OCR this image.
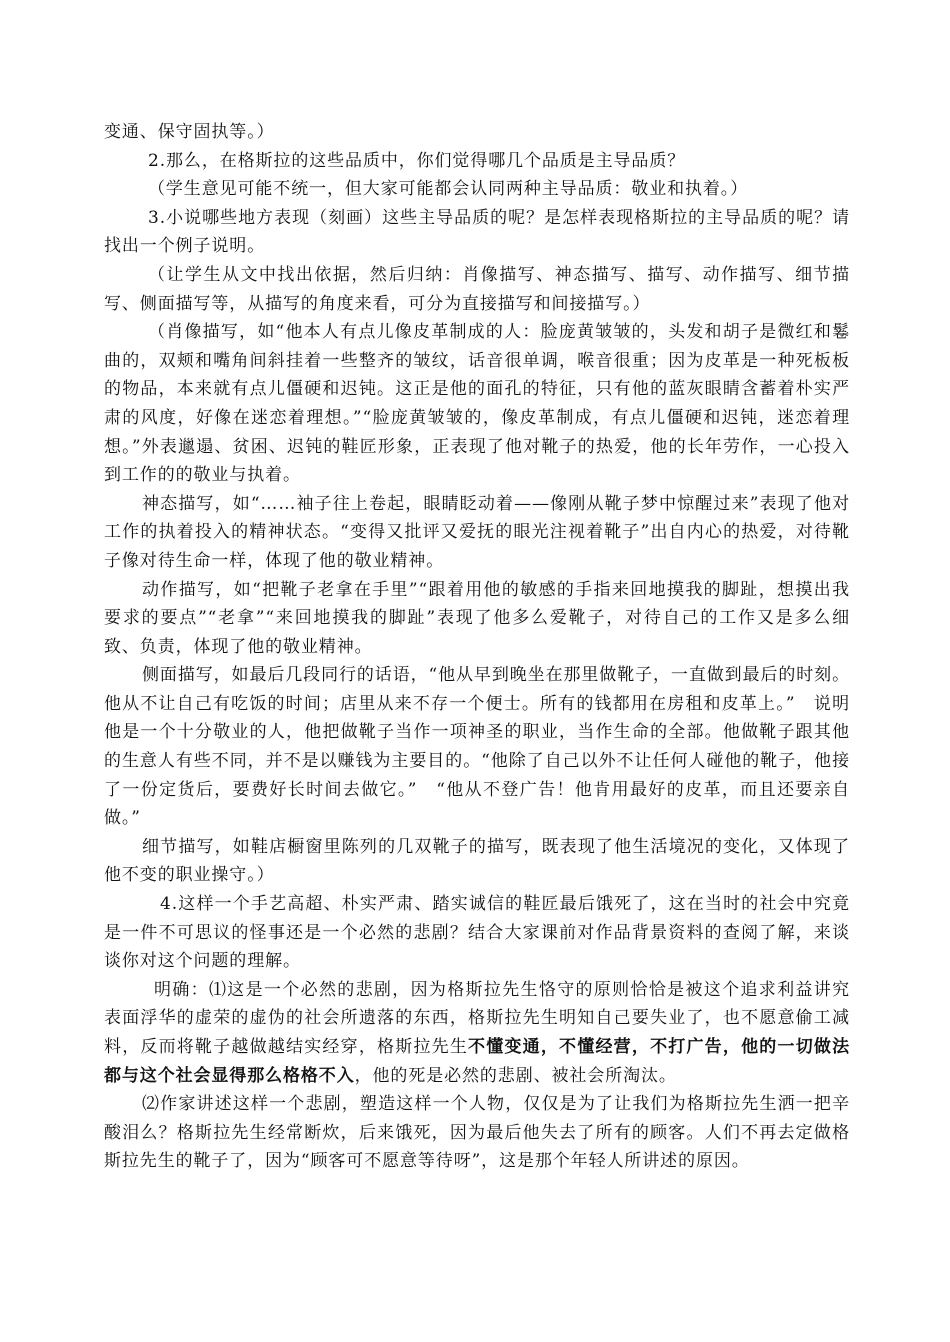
变通、保守固执等。）

2.那么，在格斯拉的这些品质中，你们觉得哪几个品质是主导品质？

（学生意见可能不统一，但大家可能都会认同两种主导品质：敬业和执着。）

3.小说哪些地方表现（刻画）这些主导品质的呢？是怎样表现格斯拉的主导品质的呢？请找出一个例子说明。

（让学生从文中找出依据，然后归纳：肖像描写、神态描写、描写、动作描写、细节描写、侧面描写等，从描写的角度来看，可分为直接描写和间接描写。）

（肖像描写，如“他本人有点儿像皮革制成的人：脸庞黄皱皱的，头发和胡子是微红和鬈曲的，双颊和嘴角间斜挂着一些整齐的皱纹，话音很单调，喉音很重；因为皮革是一种死板板的物品，本来就有点儿僵硬和迟钝。这正是他的面孔的特征，只有他的蓝灰眼睛含蓄着朴实严肃的风度，好像在迷恋着理想。”“脸庞黄皱皱的，像皮革制成，有点儿僵硬和迟钝，迷恋着理想。”外表邋遢、贫困、迟钝的鞋匠形象，正表现了他对靴子的热爱，他的长年劳作，一心投入到工作的的敬业与执着。

神态描写，如“……袖子往上卷起，眼睛眨动着——像刚从靴子梦中惊醒过来”表现了他对工作的执着投入的精神状态。“变得又批评又爱抚的眼光注视着靴子”出自内心的热爱，对待靴子像对待生命一样，体现了他的敬业精神。

动作描写，如“把靴子老拿在手里”“跟着用他的敏感的手指来回地摸我的脚趾，想摸出我要求的要点”“老拿”“来回地摸我的脚趾”表现了他多么爱靴子，对待自己的工作又是多么细致、负责，体现了他的敬业精神。

侧面描写，如最后几段同行的话语，“他从早到晚坐在那里做靴子，一直做到最后的时刻。他从不让自己有吃饭的时间；店里从来不存一个便士。所有的钱都用在房租和皮革上。”　说明他是一个十分敬业的人，他把做靴子当作一项神圣的职业，当作生命的全部。他做靴子跟其他的生意人有些不同，并不是以赚钱为主要目的。“他除了自己以外不让任何人碰他的靴子，他接了一份定货后，要费好长时间去做它。”　“他从不登广告！他肯用最好的皮革，而且还要亲自做。”

细节描写，如鞋店橱窗里陈列的几双靴子的描写，既表现了他生活境况的变化，又体现了他不变的职业操守。）

4.这样一个手艺高超、朴实严肃、踏实诚信的鞋匠最后饿死了，这在当时的社会中究竟是一件不可思议的怪事还是一个必然的悲剧？结合大家课前对作品背景资料的查阅了解，来谈谈你对这个问题的理解。

明确：⑴这是一个必然的悲剧，因为格斯拉先生恪守的原则恰恰是被这个追求利益讲究表面浮华的虚荣的虚伪的社会所遗落的东西，格斯拉先生明知自己要失业了，也不愿意偷工减料，反而将靴子越做越结实经穿，格斯拉先生不懂变通，不懂经营，不打广告，他的一切做法都与这个社会显得那么格格不入，他的死是必然的悲剧、被社会所淘汰。

⑵作家讲述这样一个悲剧，塑造这样一个人物，仅仅是为了让我们为格斯拉先生洒一把辛酸泪么？格斯拉先生经常断炊，后来饿死，因为最后他失去了所有的顾客。人们不再去定做格斯拉先生的靴子了，因为“顾客可不愿意等待呀”，这是那个年轻人所讲述的原因。
